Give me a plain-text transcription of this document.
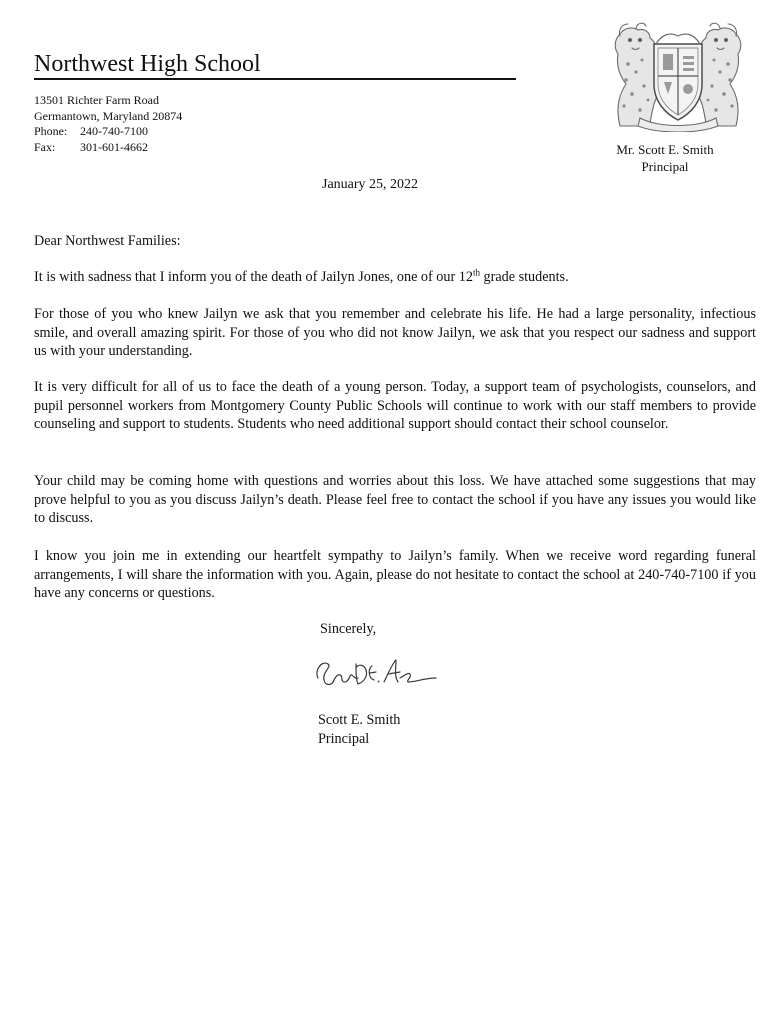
Northwest High School
13501 Richter Farm Road
Germantown, Maryland 20874
Phone: 240-740-7100
Fax: 301-601-4662	Mr. Scott E. Smith
Principal
January 25, 2022
Dear Northwest Families:
It is with sadness that I inform you of the death of Jailyn Jones, one of our 12th grade students.
For those of you who knew Jailyn we ask that you remember and celebrate his life. He had a large personality, infectious smile, and overall amazing spirit. For those of you who did not know Jailyn, we ask that you respect our sadness and support us with your understanding.
It is very difficult for all of us to face the death of a young person. Today, a support team of psychologists, counselors, and pupil personnel workers from Montgomery County Public Schools will continue to work with our staff members to provide counseling and support to students. Students who need additional support should contact their school counselor.
Your child may be coming home with questions and worries about this loss. We have attached some suggestions that may prove helpful to you as you discuss Jailyn’s death. Please feel free to contact the school if you have any issues you would like to discuss.
I know you join me in extending our heartfelt sympathy to Jailyn’s family. When we receive word regarding funeral arrangements, I will share the information with you. Again, please do not hesitate to contact the school at 240-740-7100 if you have any concerns or questions.
Sincerely,
Scott E. Smith
Principal
